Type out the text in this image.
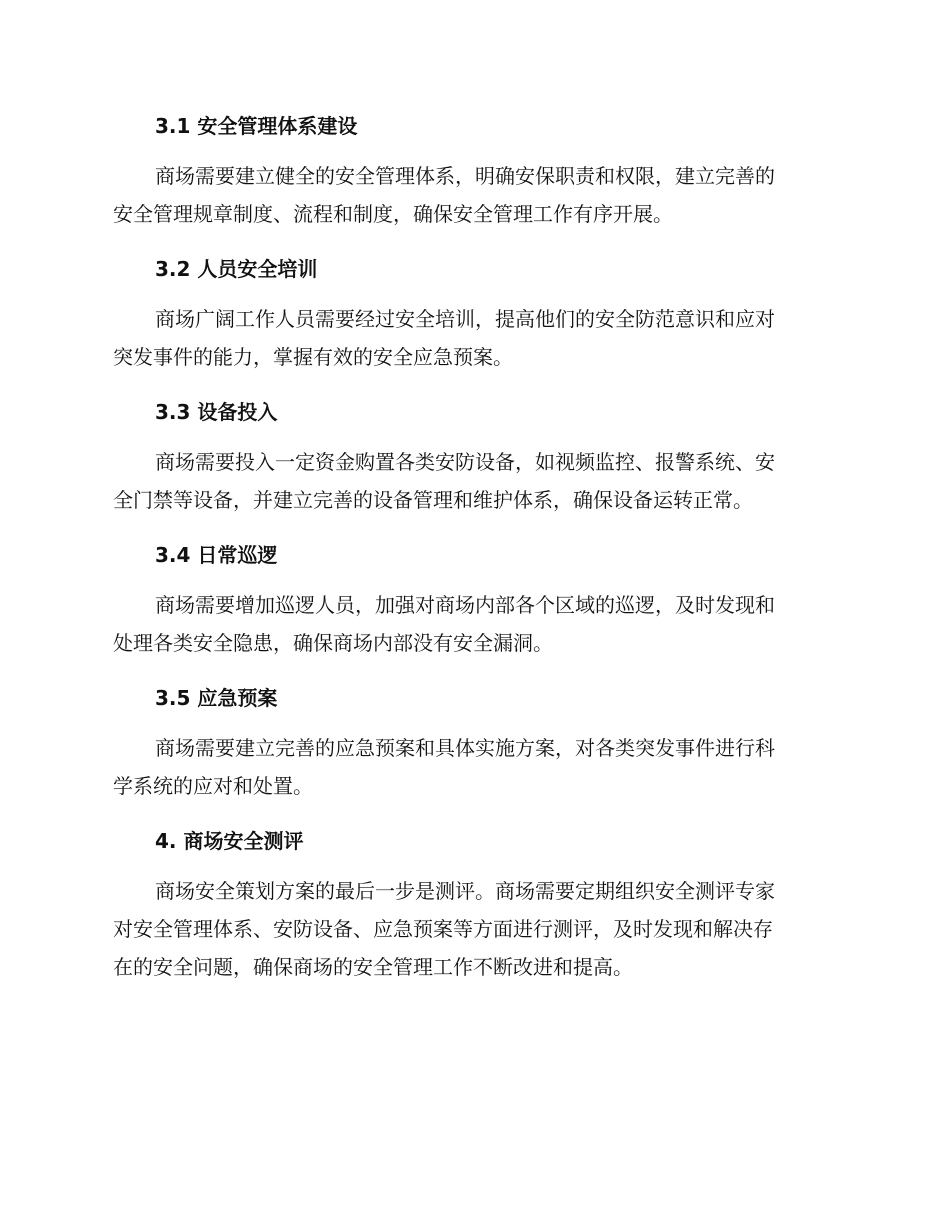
3.1 安全管理体系建设
商场需要建立健全的安全管理体系，明确安保职责和权限，建立完善的
安全管理规章制度、流程和制度，确保安全管理工作有序开展。
3.2 人员安全培训
商场广阔工作人员需要经过安全培训，提高他们的安全防范意识和应对
突发事件的能力，掌握有效的安全应急预案。
3.3 设备投入
商场需要投入一定资金购置各类安防设备，如视频监控、报警系统、安
全门禁等设备，并建立完善的设备管理和维护体系，确保设备运转正常。
3.4 日常巡逻
商场需要增加巡逻人员，加强对商场内部各个区域的巡逻，及时发现和
处理各类安全隐患，确保商场内部没有安全漏洞。
3.5 应急预案
商场需要建立完善的应急预案和具体实施方案，对各类突发事件进行科
学系统的应对和处置。
4. 商场安全测评
商场安全策划方案的最后一步是测评。商场需要定期组织安全测评专家
对安全管理体系、安防设备、应急预案等方面进行测评，及时发现和解决存
在的安全问题，确保商场的安全管理工作不断改进和提高。
